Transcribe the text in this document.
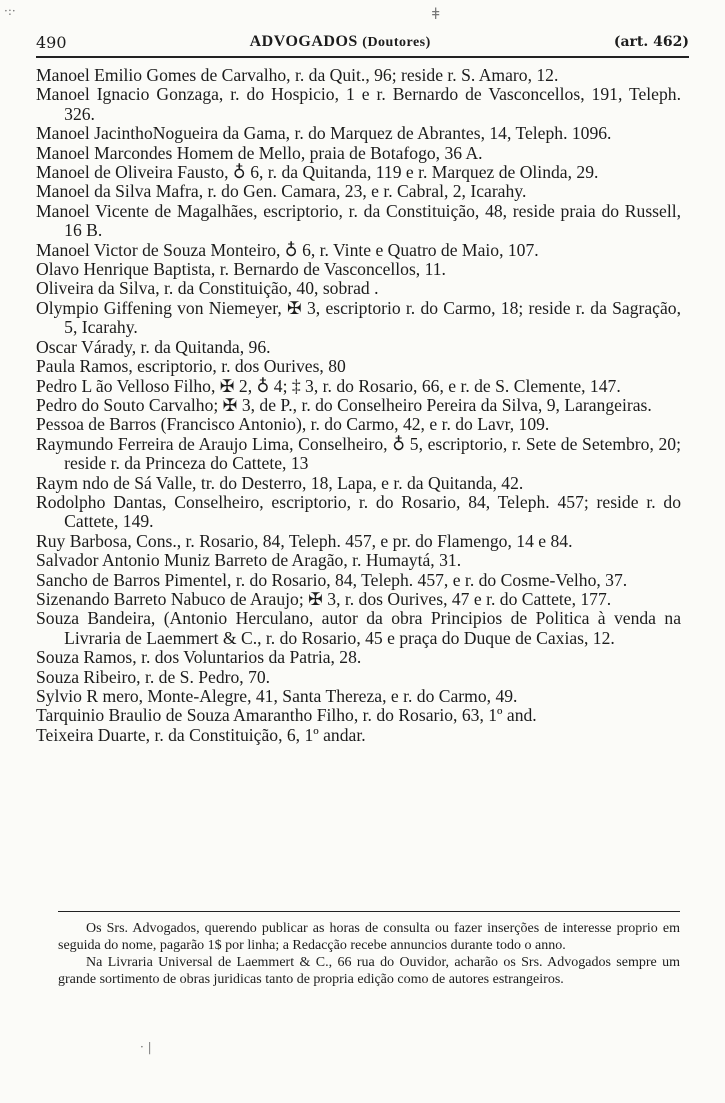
·:·	ǂ
490	ADVOGADOS (Doutores)	(art. 462)

Manoel Emilio Gomes de Carvalho, r. da Quit., 96; reside r. S. Amaro, 12.

Manoel Ignacio Gonzaga, r. do Hospicio, 1 e r. Bernardo de Vasconcellos, 191, Teleph. 326.

Manoel JacinthoNogueira da Gama, r. do Marquez de Abrantes, 14, Teleph. 1096.

Manoel Marcondes Homem de Mello, praia de Botafogo, 36 A.

Manoel de Oliveira Fausto, ♁ 6, r. da Quitanda, 119 e r. Marquez de Olinda, 29.

Manoel da Silva Mafra, r. do Gen. Camara, 23, e r. Cabral, 2, Icarahy.

Manoel Vicente de Magalhães, escriptorio, r. da Constituição, 48, reside praia do Russell, 16 B.

Manoel Victor de Souza Monteiro, ♁ 6, r. Vinte e Quatro de Maio, 107.

Olavo Henrique Baptista, r. Bernardo de Vasconcellos, 11.

Oliveira da Silva, r. da Constituição, 40, sobrad .

Olympio Giffening von Niemeyer, ✠ 3, escriptorio r. do Carmo, 18; reside r. da Sagração, 5, Icarahy.

Oscar Várady, r. da Quitanda, 96.

Paula Ramos, escriptorio, r. dos Ourives, 80

Pedro L ão Velloso Filho, ✠ 2, ♁ 4; ‡ 3, r. do Rosario, 66, e r. de S. Clemente, 147.

Pedro do Souto Carvalho; ✠ 3, de P., r. do Conselheiro Pereira da Silva, 9, Larangeiras.

Pessoa de Barros (Francisco Antonio), r. do Carmo, 42, e r. do Lavr, 109.

Raymundo Ferreira de Araujo Lima, Conselheiro, ♁ 5, escriptorio, r. Sete de Setembro, 20; reside r. da Princeza do Cattete, 13

Raym ndo de Sá Valle, tr. do Desterro, 18, Lapa, e r. da Quitanda, 42.

Rodolpho Dantas, Conselheiro, escriptorio, r. do Rosario, 84, Teleph. 457; reside r. do Cattete, 149.

Ruy Barbosa, Cons., r. Rosario, 84, Teleph. 457, e pr. do Flamengo, 14 e 84.

Salvador Antonio Muniz Barreto de Aragão, r. Humaytá, 31.

Sancho de Barros Pimentel, r. do Rosario, 84, Teleph. 457, e r. do Cosme-Velho, 37.

Sizenando Barreto Nabuco de Araujo; ✠ 3, r. dos Ourives, 47 e r. do Cattete, 177.

Souza Bandeira, (Antonio Herculano, autor da obra Principios de Politica à venda na Livraria de Laemmert & C., r. do Rosario, 45 e praça do Duque de Caxias, 12.

Souza Ramos, r. dos Voluntarios da Patria, 28.

Souza Ribeiro, r. de S. Pedro, 70.

Sylvio R mero, Monte-Alegre, 41, Santa Thereza, e r. do Carmo, 49.

Tarquinio Braulio de Souza Amarantho Filho, r. do Rosario, 63, 1º and.

Teixeira Duarte, r. da Constituição, 6, 1º andar.

Os Srs. Advogados, querendo publicar as horas de consulta ou fazer inserções de interesse proprio em seguida do nome, pagarão 1$ por linha; a Redacção recebe annuncios durante todo o anno.

Na Livraria Universal de Laemmert & C., 66 rua do Ouvidor, acharão os Srs. Advogados sempre um grande sortimento de obras juridicas tanto de propria edição como de autores estrangeiros.

· |
